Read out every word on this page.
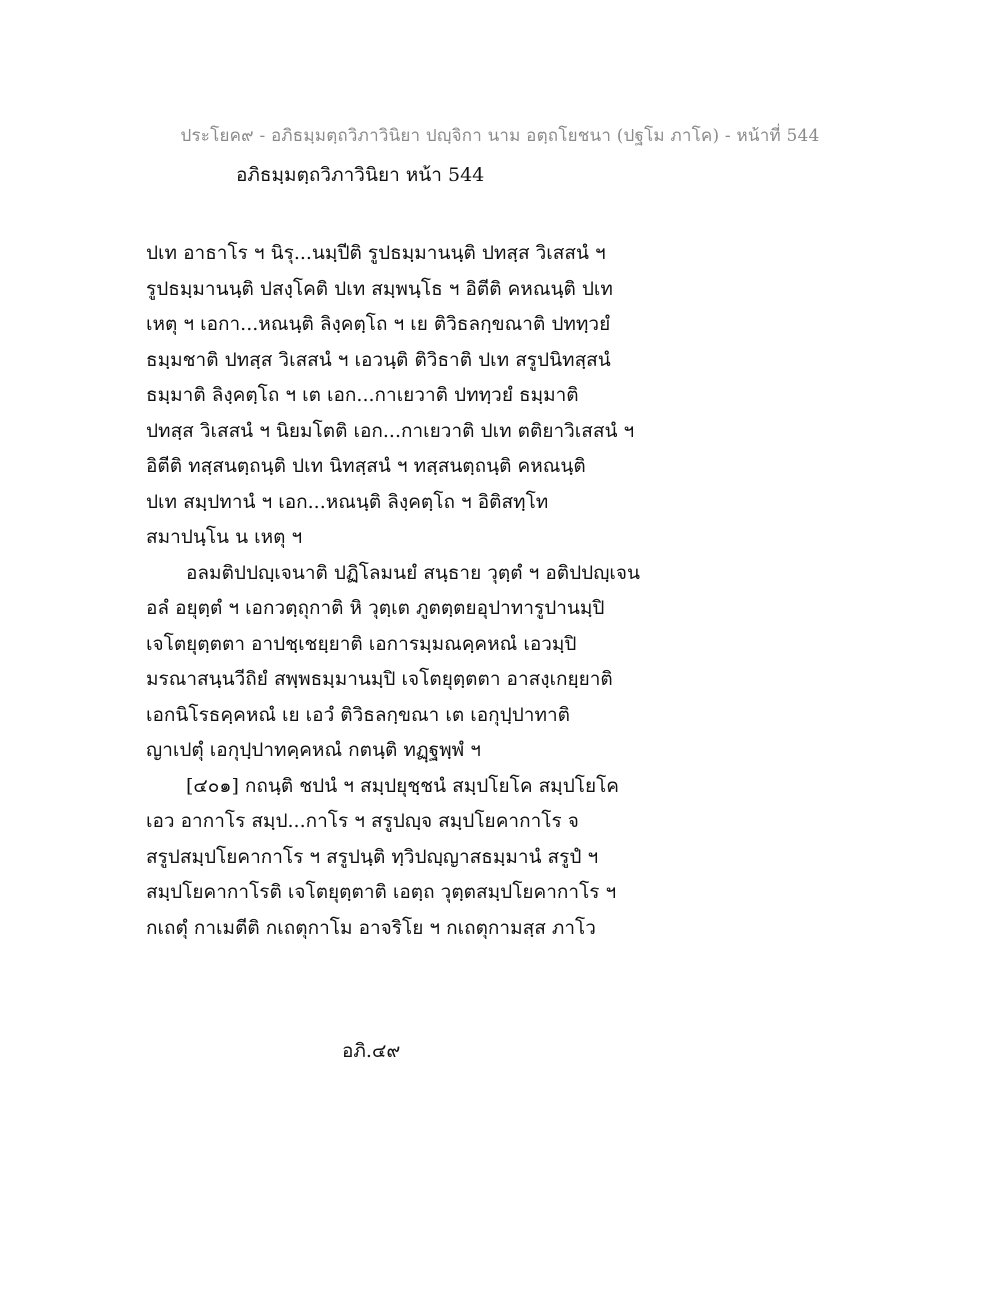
ประโยค๙ - อภิธมฺมตฺถวิภาวินิยา ปญฺจิกา นาม อตฺถโยชนา (ปฐโม ภาโค) - หน้าที่ 544
อภิธมฺมตฺถวิภาวินิยา หน้า 544
ปเท อาธาโร ฯ นิรุ...นมฺปีติ รูปธมฺมานนฺติ ปทสฺส วิเสสนํ ฯ
รูปธมฺมานนฺติ ปสงฺโคติ ปเท สมฺพนฺโธ ฯ อิตีติ คหณนฺติ ปเท
เหตุ ฯ เอกา...หณนฺติ ลิงฺคตฺโถ ฯ เย ติวิธลกฺขณาติ ปททฺวยํ
ธมฺมชาติ ปทสฺส วิเสสนํ ฯ เอวนฺติ ติวิธาติ ปเท สรูปนิทสฺสนํ
ธมฺมาติ ลิงฺคตฺโถ ฯ เต เอก...กาเยวาติ ปททฺวยํ ธมฺมาติ
ปทสฺส วิเสสนํ ฯ นิยมโตติ เอก...กาเยวาติ ปเท ตติยาวิเสสนํ ฯ
อิตีติ ทสฺสนตฺถนฺติ ปเท นิทสฺสนํ ฯ ทสฺสนตฺถนฺติ คหณนฺติ
ปเท สมฺปทานํ ฯ เอก...หณนฺติ ลิงฺคตฺโถ ฯ อิติสทฺโท
สมาปนฺโน น เหตุ ฯ
อลมติปปญฺเจนาติ ปฏิโลมนยํ สนฺธาย วุตฺตํ ฯ อติปปญฺเจน
อลํ อยุตฺตํ ฯ เอกวตฺถุกาติ หิ วุตฺเต ภูตตฺตยอุปาทารูปานมฺปิ
เจโตยุตฺตตา อาปชฺเชยฺยาติ เอการมฺมณคฺคหณํ เอวมฺปิ
มรณาสนฺนวีถิยํ สพฺพธมฺมานมฺปิ เจโตยุตฺตตา อาสงฺเกยฺยาติ
เอกนิโรธคฺคหณํ เย เอวํ ติวิธลกฺขณา เต เอกุปฺปาทาติ
ญาเปตุํ เอกุปฺปาทคฺคหณํ กตนฺติ ทฏฺฐพฺพํ ฯ
[๔๐๑] กถนฺติ ชปนํ ฯ สมฺปยุชฺชนํ สมฺปโยโค สมฺปโยโค
เอว อากาโร สมฺป...กาโร ฯ สรูปญฺจ สมฺปโยคากาโร จ
สรูปสมฺปโยคากาโร ฯ สรูปนฺติ ทฺวิปญฺญาสธมฺมานํ สรูปํ ฯ
สมฺปโยคากาโรติ เจโตยุตฺตาติ เอตฺถ วุตฺตสมฺปโยคากาโร ฯ
กเถตุํ กาเมตีติ กเถตุกาโม อาจริโย ฯ กเถตุกามสฺส ภาโว
อภิ.๔๙
